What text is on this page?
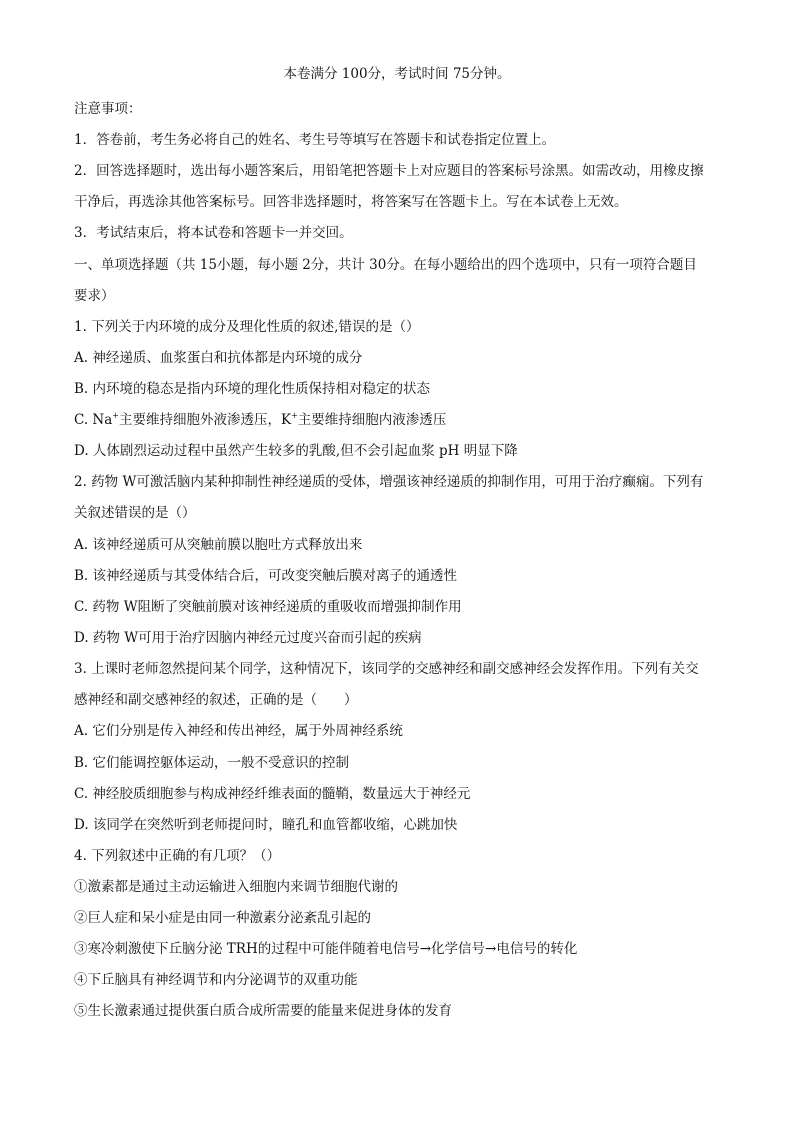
本卷满分 100分，考试时间 75分钟。
注意事项：
1．答卷前，考生务必将自己的姓名、考生号等填写在答题卡和试卷指定位置上。
2．回答选择题时，选出每小题答案后，用铅笔把答题卡上对应题目的答案标号涂黑。如需改动，用橡皮擦
干净后，再选涂其他答案标号。回答非选择题时，将答案写在答题卡上。写在本试卷上无效。
3．考试结束后，将本试卷和答题卡一并交回。
一、单项选择题（共 15小题，每小题 2分，共计 30分。在每小题给出的四个选项中，只有一项符合题目
要求）
1. 下列关于内环境的成分及理化性质的叙述,错误的是（）
A. 神经递质、血浆蛋白和抗体都是内环境的成分
B. 内环境的稳态是指内环境的理化性质保持相对稳定的状态
C. Na+主要维持细胞外液渗透压，K+主要维持细胞内液渗透压
D. 人体剧烈运动过程中虽然产生较多的乳酸,但不会引起血浆 pH 明显下降
2. 药物 W可激活脑内某种抑制性神经递质的受体，增强该神经递质的抑制作用，可用于治疗癫痫。下列有
关叙述错误的是（）
A. 该神经递质可从突触前膜以胞吐方式释放出来
B. 该神经递质与其受体结合后，可改变突触后膜对离子的通透性
C. 药物 W阻断了突触前膜对该神经递质的重吸收而增强抑制作用
D. 药物 W可用于治疗因脑内神经元过度兴奋而引起的疾病
3. 上课时老师忽然提问某个同学，这种情况下，该同学的交感神经和副交感神经会发挥作用。下列有关交
感神经和副交感神经的叙述，正确的是（　　）
A. 它们分别是传入神经和传出神经，属于外周神经系统
B. 它们能调控躯体运动，一般不受意识的控制
C. 神经胶质细胞参与构成神经纤维表面的髓鞘，数量远大于神经元
D. 该同学在突然听到老师提问时，瞳孔和血管都收缩，心跳加快
4. 下列叙述中正确的有几项？（）
①激素都是通过主动运输进入细胞内来调节细胞代谢的
②巨人症和呆小症是由同一种激素分泌紊乱引起的
③寒冷刺激使下丘脑分泌 TRH的过程中可能伴随着电信号→化学信号→电信号的转化
④下丘脑具有神经调节和内分泌调节的双重功能
⑤生长激素通过提供蛋白质合成所需要的能量来促进身体的发育
